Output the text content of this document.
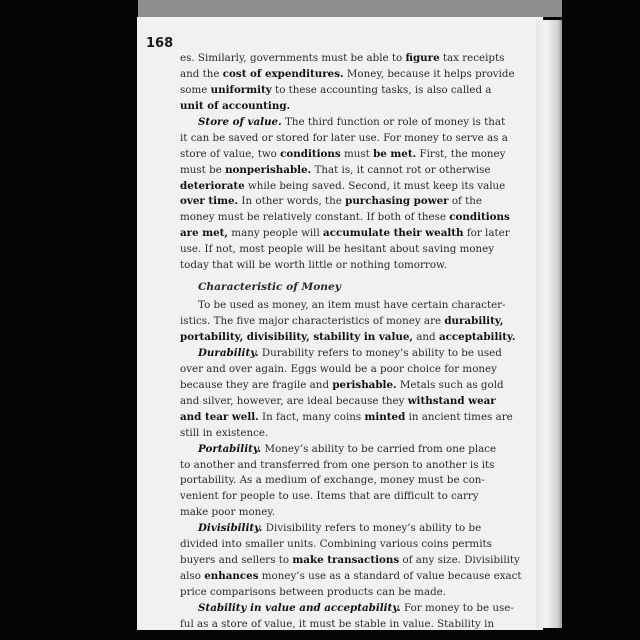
168
es. Similarly, governments must be able to figure tax receipts
and the cost of expenditures. Money, because it helps provide
some uniformity to these accounting tasks, is also called a
unit of accounting.
Store of value. The third function or role of money is that
it can be saved or stored for later use. For money to serve as a
store of value, two conditions must be met. First, the money
must be nonperishable. That is, it cannot rot or otherwise
deteriorate while being saved. Second, it must keep its value
over time. In other words, the purchasing power of the
money must be relatively constant. If both of these conditions
are met, many people will accumulate their wealth for later
use. If not, most people will be hesitant about saving money
today that will be worth little or nothing tomorrow.
Characteristic of Money
To be used as money, an item must have certain character-
istics. The five major characteristics of money are durability,
portability, divisibility, stability in value, and acceptability.
Durability. Durability refers to money’s ability to be used
over and over again. Eggs would be a poor choice for money
because they are fragile and perishable. Metals such as gold
and silver, however, are ideal because they withstand wear
and tear well. In fact, many coins minted in ancient times are
still in existence.
Portability. Money’s ability to be carried from one place
to another and transferred from one person to another is its
portability. As a medium of exchange, money must be con-
venient for people to use. Items that are difficult to carry
make poor money.
Divisibility. Divisibility refers to money’s ability to be
divided into smaller units. Combining various coins permits
buyers and sellers to make transactions of any size. Divisibility
also enhances money’s use as a standard of value because exact
price comparisons between products can be made.
Stability in value and acceptability. For money to be use-
ful as a store of value, it must be stable in value. Stability in
